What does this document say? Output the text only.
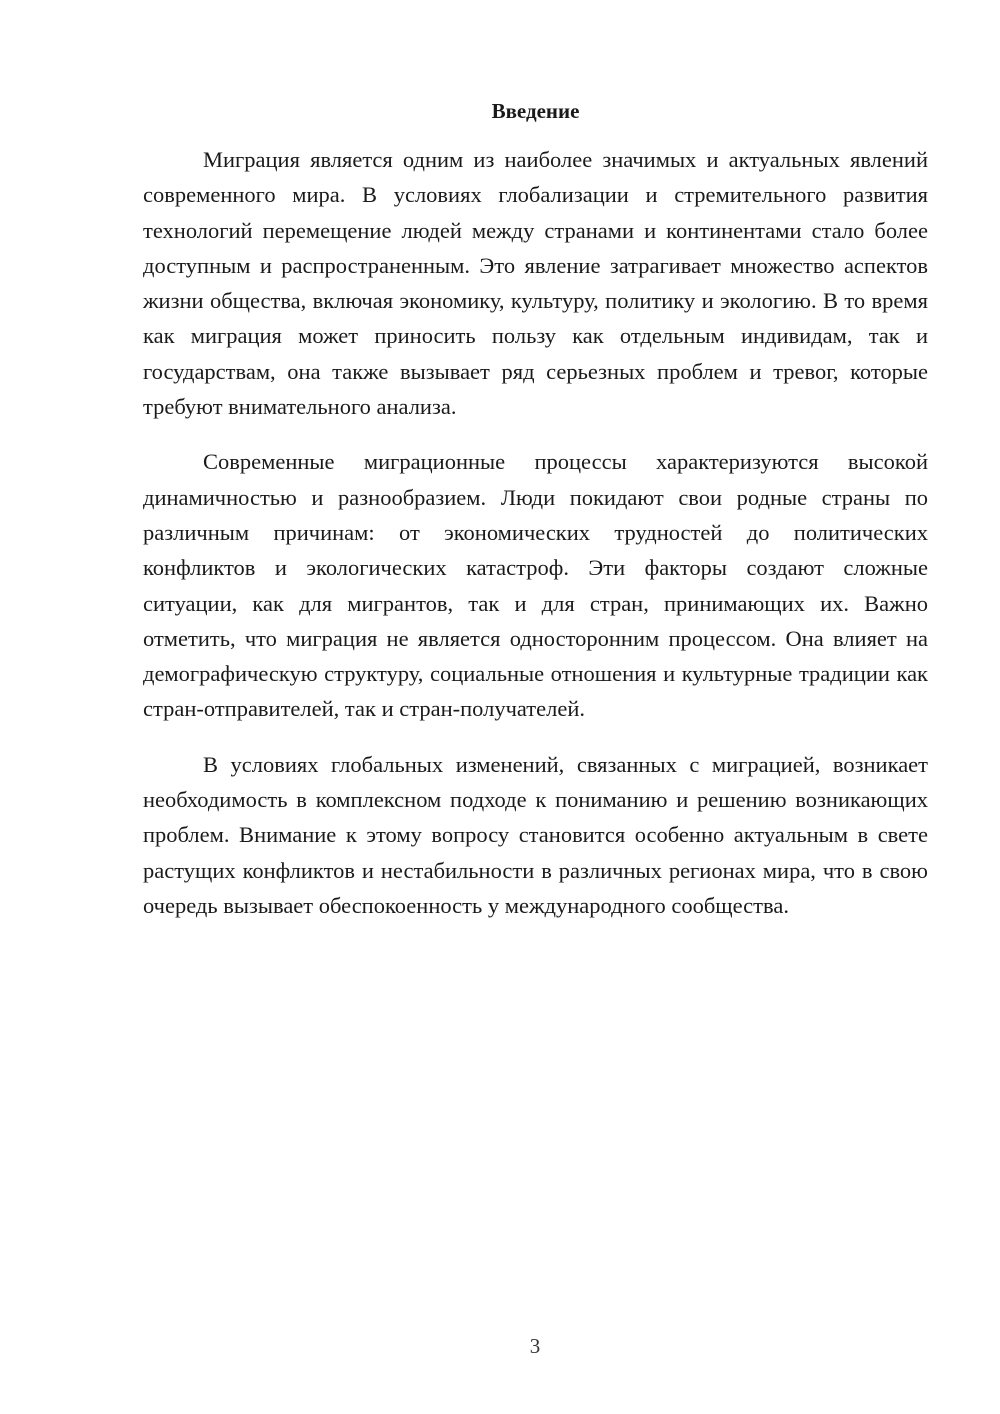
Введение

Миграция является одним из наиболее значимых и актуальных явлений современного мира. В условиях глобализации и стремительного развития технологий перемещение людей между странами и континентами стало более доступным и распространенным. Это явление затрагивает множество аспектов жизни общества, включая экономику, культуру, политику и экологию. В то время как миграция может приносить пользу как отдельным индивидам, так и государствам, она также вызывает ряд серьезных проблем и тревог, которые требуют внимательного анализа.

Современные миграционные процессы характеризуются высокой динамичностью и разнообразием. Люди покидают свои родные страны по различным причинам: от экономических трудностей до политических конфликтов и экологических катастроф. Эти факторы создают сложные ситуации, как для мигрантов, так и для стран, принимающих их. Важно отметить, что миграция не является односторонним процессом. Она влияет на демографическую структуру, социальные отношения и культурные традиции как стран-отправителей, так и стран-получателей.

В условиях глобальных изменений, связанных с миграцией, возникает необходимость в комплексном подходе к пониманию и решению возникающих проблем. Внимание к этому вопросу становится особенно актуальным в свете растущих конфликтов и нестабильности в различных регионах мира, что в свою очередь вызывает обеспокоенность у международного сообщества.

3
